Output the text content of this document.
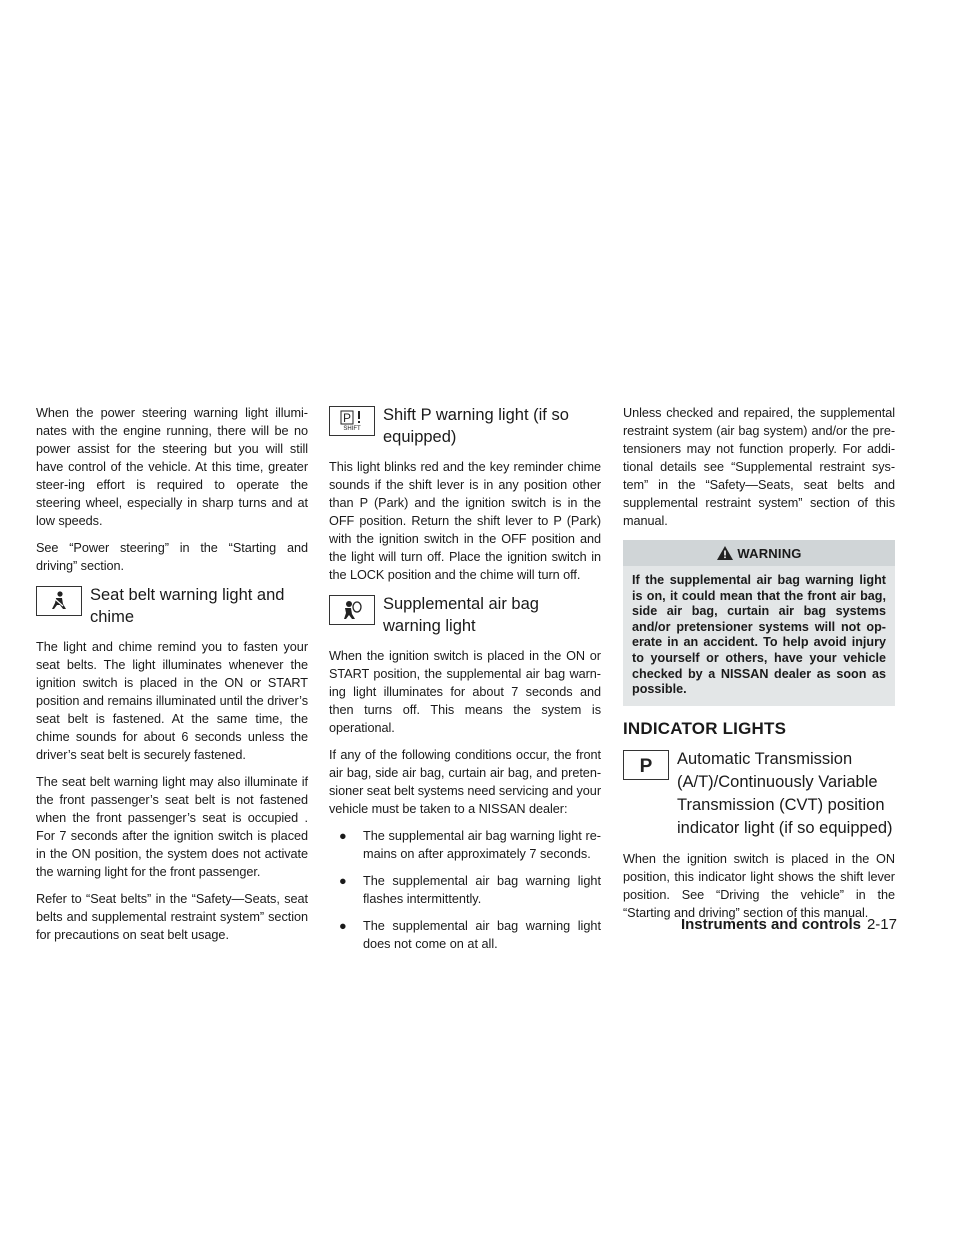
When the power steering warning light illumi-nates with the engine running, there will be no power assist for the steering but you will still have control of the vehicle. At this time, greater steer-ing effort is required to operate the steering wheel, especially in sharp turns and at low speeds.

See “Power steering” in the “Starting and driving” section.

Seat belt warning light and chime

The light and chime remind you to fasten your seat belts. The light illuminates whenever the ignition switch is placed in the ON or START position and remains illuminated until the driver’s seat belt is fastened. At the same time, the chime sounds for about 6 seconds unless the driver’s seat belt is securely fastened.

The seat belt warning light may also illuminate if the front passenger’s seat belt is not fastened when the front passenger’s seat is occupied . For 7 seconds after the ignition switch is placed in the ON position, the system does not activate the warning light for the front passenger.

Refer to “Seat belts” in the “Safety—Seats, seat belts and supplemental restraint system” section for precautions on seat belt usage.

P
SHIFT
Shift P warning light (if so equipped)

This light blinks red and the key reminder chime sounds if the shift lever is in any position other than P (Park) and the ignition switch is in the OFF position. Return the shift lever to P (Park) with the ignition switch in the OFF position and the light will turn off. Place the ignition switch in the LOCK position and the chime will turn off.

Supplemental air bag warning light

When the ignition switch is placed in the ON or START position, the supplemental air bag warn-ing light illuminates for about 7 seconds and then turns off. This means the system is operational.

If any of the following conditions occur, the front air bag, side air bag, curtain air bag, and preten-sioner seat belt systems need servicing and your vehicle must be taken to a NISSAN dealer:

● The supplemental air bag warning light re-mains on after approximately 7 seconds.
● The supplemental air bag warning light flashes intermittently.
● The supplemental air bag warning light does not come on at all.

Unless checked and repaired, the supplemental restraint system (air bag system) and/or the pre-tensioners may not function properly. For addi-tional details see “Supplemental restraint sys-tem” in the “Safety—Seats, seat belts and supplemental restraint system” section of this manual.

WARNING
If the supplemental air bag warning light is on, it could mean that the front air bag, side air bag, curtain air bag systems and/or pretensioner systems will not op-erate in an accident. To help avoid injury to yourself or others, have your vehicle checked by a NISSAN dealer as soon as possible.
INDICATOR LIGHTS
P Automatic Transmission (A/T)/Continuously Variable Transmission (CVT) position indicator light (if so equipped)

When the ignition switch is placed in the ON position, this indicator light shows the shift lever position. See “Driving the vehicle” in the “Starting and driving” section of this manual.

Instruments and controls 2-17
